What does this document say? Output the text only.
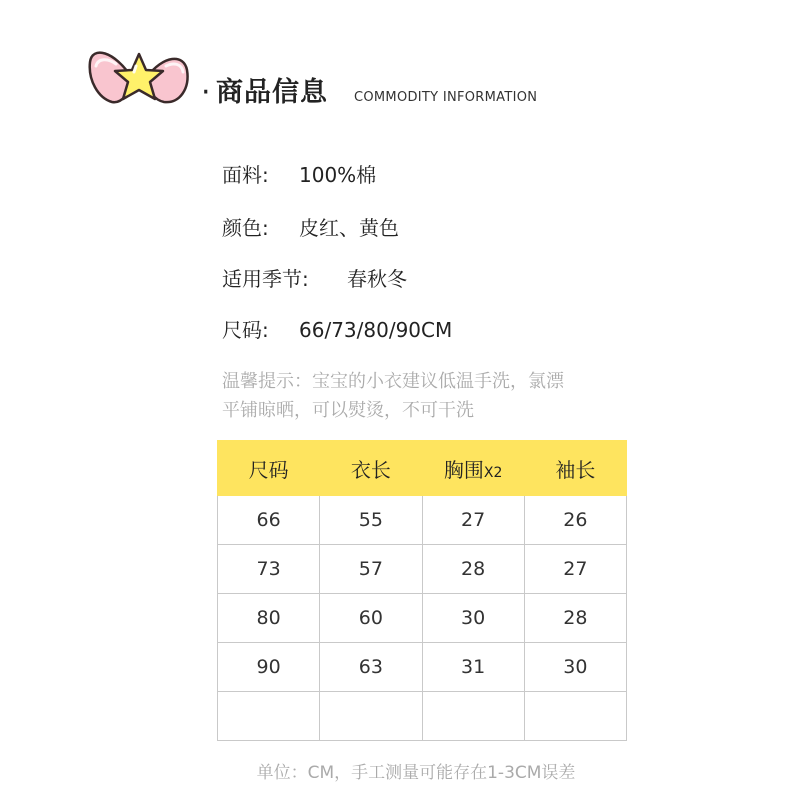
· 商品信息 COMMODITY INFORMATION
面料: 100%棉
颜色: 皮红、黄色
适用季节: 春秋冬
尺码: 66/73/80/90CM
温馨提示：宝宝的小衣建议低温手洗，氯漂
平铺晾晒，可以熨烫，不可干洗
尺码	衣长	胸围X2	袖长
66	55	27	26
73	57	28	27
80	60	30	28
90	63	31	30

单位：CM，手工测量可能存在1-3CM误差
